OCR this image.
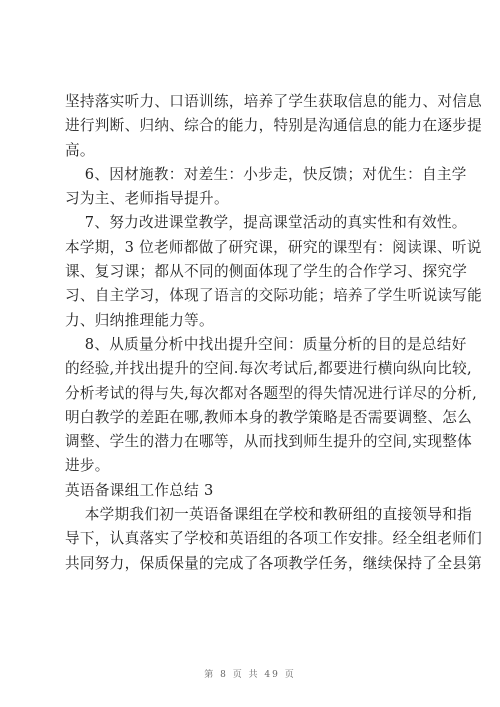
坚持落实听力、口语训练，培养了学生获取信息的能力、对信息
进行判断、归纳、综合的能力，特别是沟通信息的能力在逐步提
高。
6、因材施教：对差生：小步走，快反馈；对优生：自主学
习为主、老师指导提升。
7、努力改进课堂教学，提高课堂活动的真实性和有效性。
本学期，3 位老师都做了研究课，研究的课型有：阅读课、听说
课、复习课；都从不同的侧面体现了学生的合作学习、探究学
习、自主学习，体现了语言的交际功能；培养了学生听说读写能
力、归纳推理能力等。
8、从质量分析中找出提升空间：质量分析的目的是总结好
的经验,并找出提升的空间.每次考试后,都要进行横向纵向比较,
分析考试的得与失,每次都对各题型的得失情况进行详尽的分析,
明白教学的差距在哪,教师本身的教学策略是否需要调整、怎么
调整、学生的潜力在哪等，从而找到师生提升的空间,实现整体
进步。
英语备课组工作总结 3
本学期我们初一英语备课组在学校和教研组的直接领导和指
导下，认真落实了学校和英语组的各项工作安排。经全组老师们
共同努力，保质保量的完成了各项教学任务，继续保持了全县第
第 8 页 共 49 页
